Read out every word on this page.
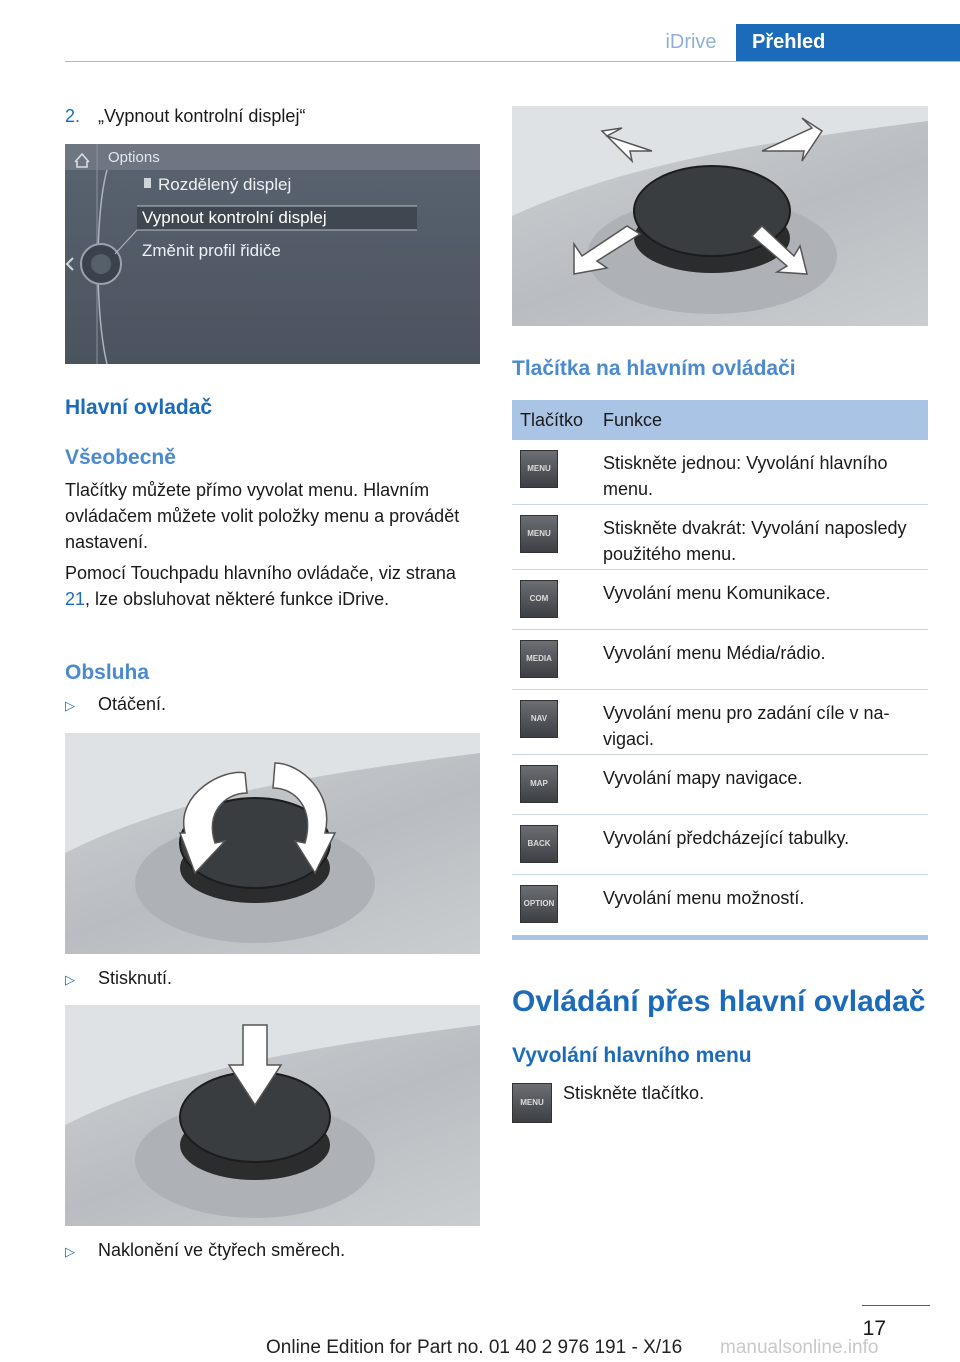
iDrive	Přehled
2. „Vypnout kontrolní displej“
Options
Rozdělený displej
Vypnout kontrolní displej
Změnit profil řidiče
Hlavní ovladač
Všeobecně

Tlačítky můžete přímo vyvolat menu. Hlavním ovládačem můžete volit položky menu a provádět nastavení.

Pomocí Touchpadu hlavního ovládače, viz strana 21, lze obsluhovat některé funkce iDrive.

Obsluha
▷ Otáčení.
▷ Stisknutí.
▷ Naklonění ve čtyřech směrech.
Tlačítka na hlavním ovládači
Tlačítko Funkce
MENU	Stiskněte jednou: Vyvolání hlavního menu.
MENU	Stiskněte dvakrát: Vyvolání naposledy použitého menu.
COM	Vyvolání menu Komunikace.
MEDIA	Vyvolání menu Média/rádio.
NAV	Vyvolání menu pro zadání cíle v navigaci.
MAP	Vyvolání mapy navigace.
BACK	Vyvolání předcházející tabulky.
OPTION	Vyvolání menu možností.
Ovládání přes hlavní ovladač
Vyvolání hlavního menu
MENU	Stiskněte tlačítko.

17
Online Edition for Part no. 01 40 2 976 191 - X/16 manualsonline.info
